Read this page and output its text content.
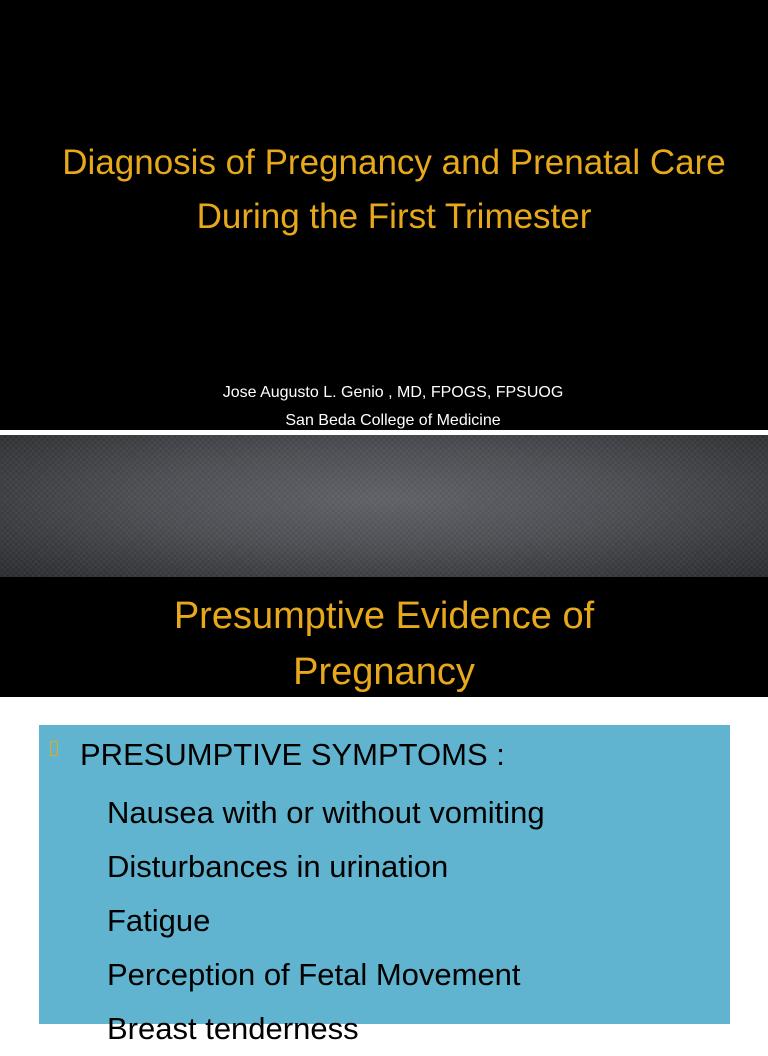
Diagnosis of Pregnancy and Prenatal Care During the First Trimester
Jose Augusto L. Genio , MD, FPOGS, FPSUOG
San Beda College of Medicine
Presumptive Evidence of
Pregnancy
PRESUMPTIVE SYMPTOMS :
Nausea with or without vomiting
Disturbances in urination
Fatigue
Perception of Fetal Movement
Breast tenderness
